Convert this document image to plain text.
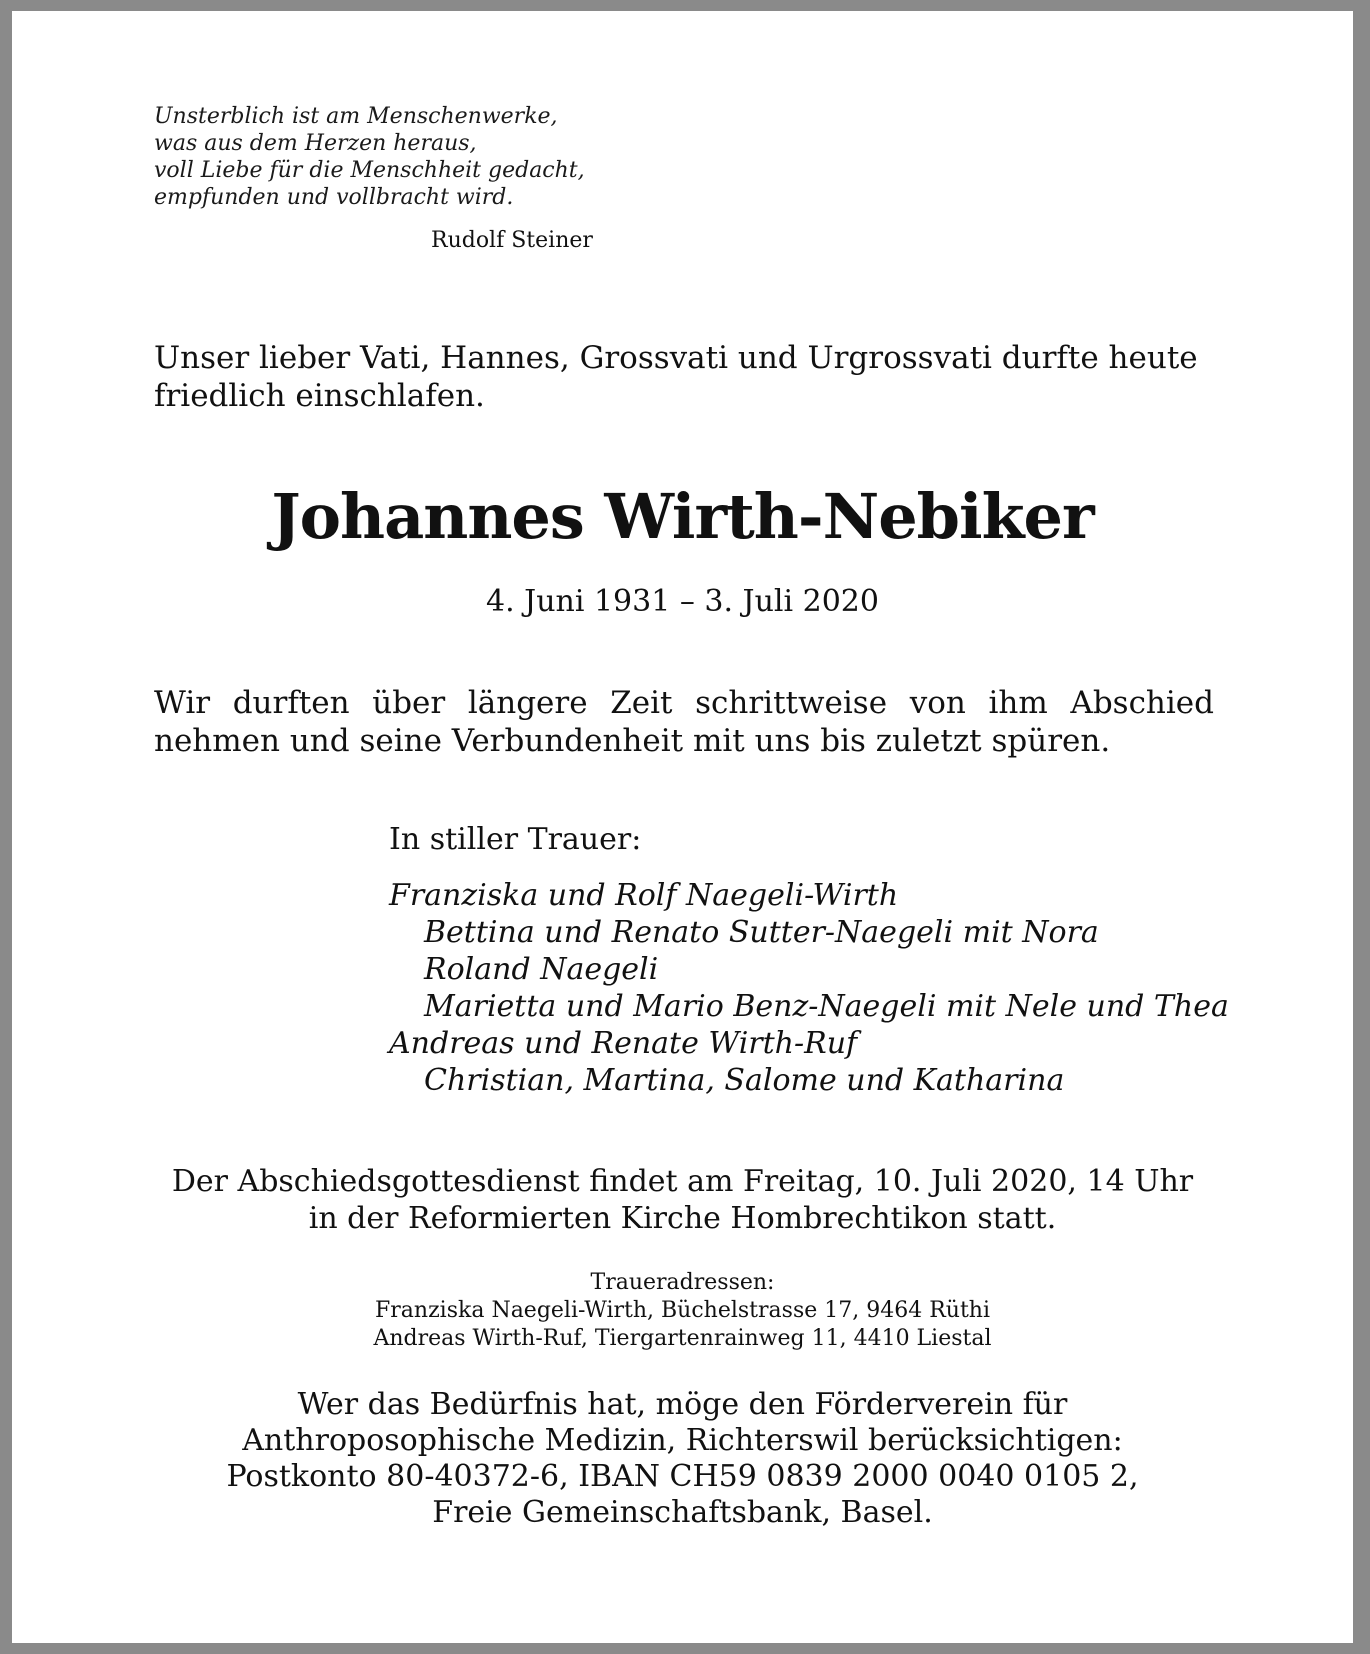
Unsterblich ist am Menschenwerke,
was aus dem Herzen heraus,
voll Liebe für die Menschheit gedacht,
empfunden und vollbracht wird.
Rudolf Steiner
Unser lieber Vati, Hannes, Grossvati und Urgrossvati durfte heute friedlich einschlafen.
Johannes Wirth-Nebiker
4. Juni 1931 – 3. Juli 2020
Wir durften über längere Zeit schrittweise von ihm Abschied nehmen und seine Verbundenheit mit uns bis zuletzt spüren.
In stiller Trauer:
Franziska und Rolf Naegeli-Wirth
Bettina und Renato Sutter-Naegeli mit Nora
Roland Naegeli
Marietta und Mario Benz-Naegeli mit Nele und Thea
Andreas und Renate Wirth-Ruf
Christian, Martina, Salome und Katharina
Der Abschiedsgottesdienst findet am Freitag, 10. Juli 2020, 14 Uhr
in der Reformierten Kirche Hombrechtikon statt.
Traueradressen:
Franziska Naegeli-Wirth, Büchelstrasse 17, 9464 Rüthi
Andreas Wirth-Ruf, Tiergartenrainweg 11, 4410 Liestal
Wer das Bedürfnis hat, möge den Förderverein für
Anthroposophische Medizin, Richterswil berücksichtigen:
Postkonto 80-40372-6, IBAN CH59 0839 2000 0040 0105 2,
Freie Gemeinschaftsbank, Basel.
